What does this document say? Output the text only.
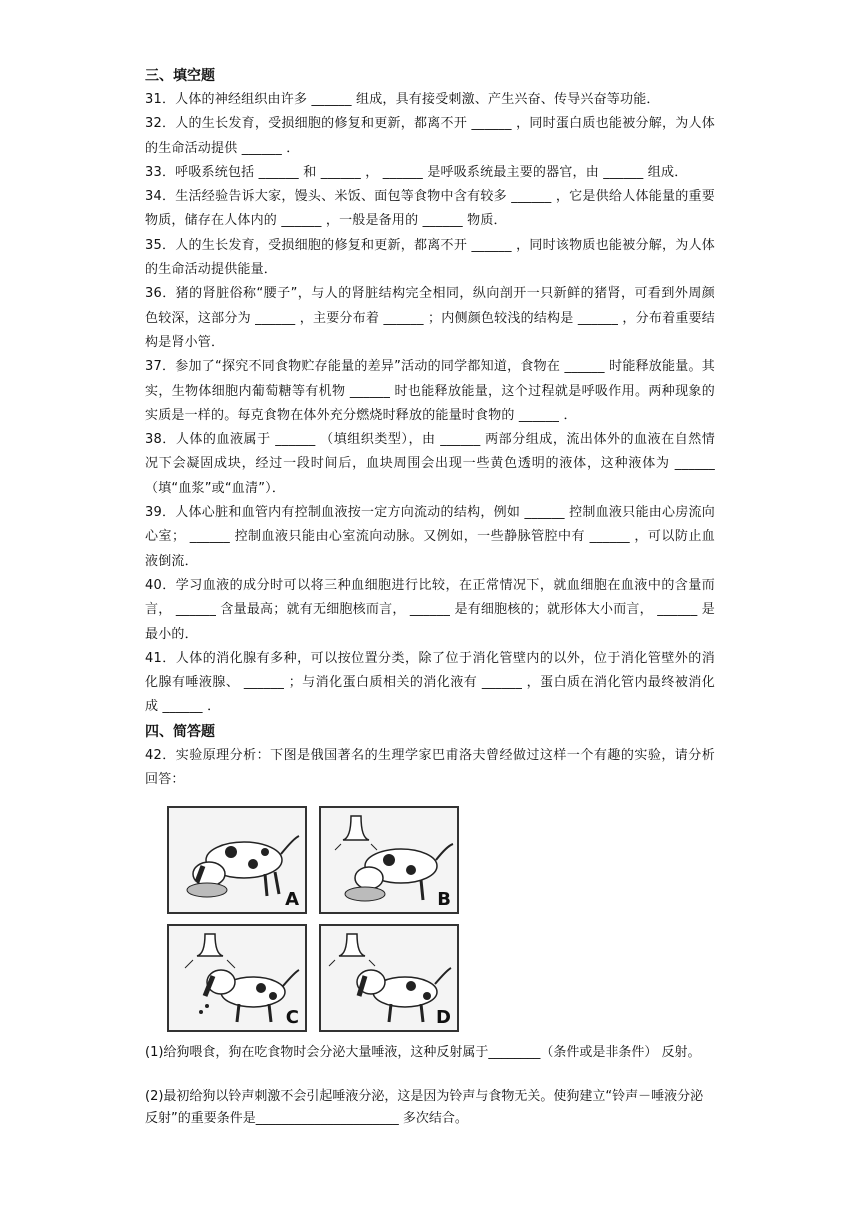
三、填空题

31．人体的神经组织由许多 ______ 组成，具有接受刺激、产生兴奋、传导兴奋等功能．

32．人的生长发育，受损细胞的修复和更新，都离不开 ______ ，同时蛋白质也能被分解，为人体的生命活动提供 ______ ．

33．呼吸系统包括 ______ 和 ______ ， ______ 是呼吸系统最主要的器官，由 ______ 组成．

34．生活经验告诉大家，馒头、米饭、面包等食物中含有较多 ______ ，它是供给人体能量的重要物质，储存在人体内的 ______ ，一般是备用的 ______ 物质．

35．人的生长发育，受损细胞的修复和更新，都离不开 ______ ，同时该物质也能被分解，为人体的生命活动提供能量．

36．猪的肾脏俗称“腰子”，与人的肾脏结构完全相同，纵向剖开一只新鲜的猪肾，可看到外周颜色较深，这部分为 ______ ，主要分布着 ______ ；内侧颜色较浅的结构是 ______ ，分布着重要结构是肾小管．

37．参加了“探究不同食物贮存能量的差异”活动的同学都知道，食物在 ______ 时能释放能量。其实，生物体细胞内葡萄糖等有机物 ______ 时也能释放能量，这个过程就是呼吸作用。两种现象的实质是一样的。每克食物在体外充分燃烧时释放的能量时食物的 ______ ．

38．人体的血液属于 ______ （填组织类型），由 ______ 两部分组成，流出体外的血液在自然情况下会凝固成块，经过一段时间后，血块周围会出现一些黄色透明的液体，这种液体为 ______ （填“血浆”或“血清”）．

39．人体心脏和血管内有控制血液按一定方向流动的结构，例如 ______ 控制血液只能由心房流向心室； ______ 控制血液只能由心室流向动脉。又例如，一些静脉管腔中有 ______ ，可以防止血液倒流．

40．学习血液的成分时可以将三种血细胞进行比较，在正常情况下，就血细胞在血液中的含量而言， ______ 含量最高；就有无细胞核而言， ______ 是有细胞核的；就形体大小而言， ______ 是最小的．

41．人体的消化腺有多种，可以按位置分类，除了位于消化管壁内的以外，位于消化管壁外的消化腺有唾液腺、 ______ ；与消化蛋白质相关的消化液有 ______ ，蛋白质在消化管内最终被消化成 ______ ．

四、简答题

42．实验原理分析：下图是俄国著名的生理学家巴甫洛夫曾经做过这样一个有趣的实验，请分析回答：

A	B
C	D
(1)给狗喂食，狗在吃食物时会分泌大量唾液，这种反射属于________（条件或是非条件） 反射。
(2)最初给狗以铃声刺激不会引起唾液分泌，这是因为铃声与食物无关。使狗建立“铃声－唾液分泌反射”的重要条件是______________________ 多次结合。
